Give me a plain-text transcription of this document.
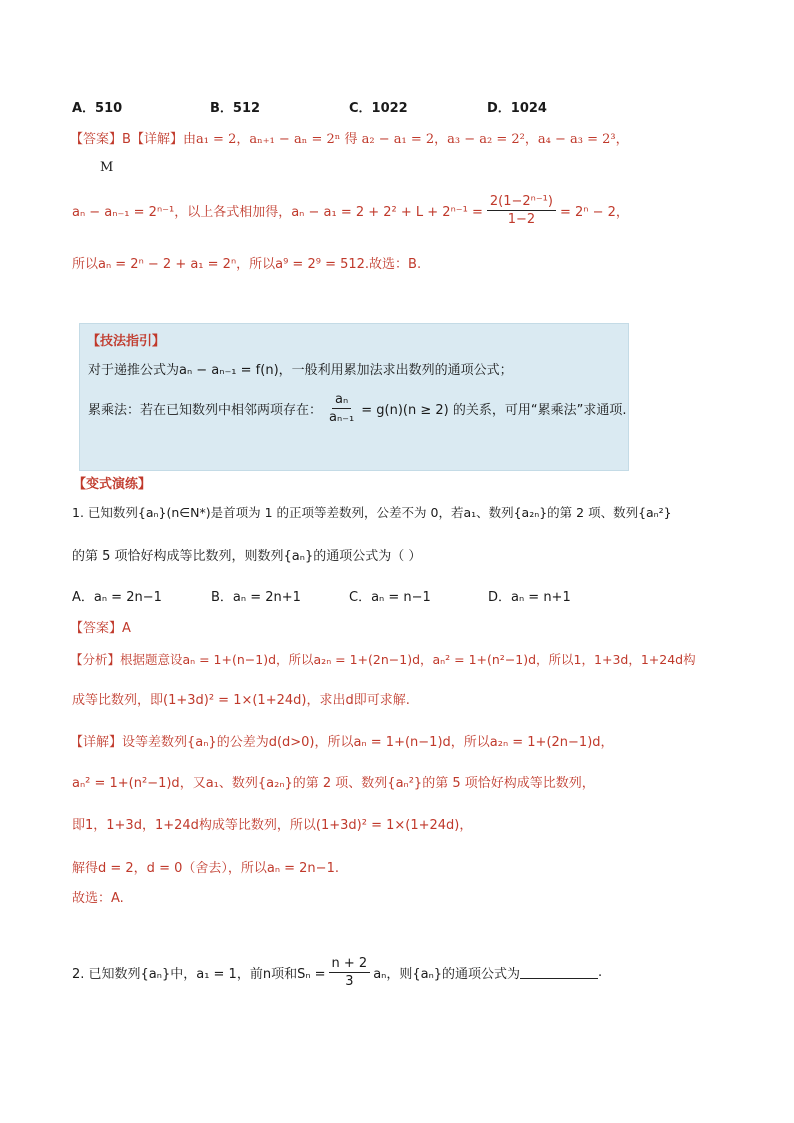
A．510	B．512	C．1022	D．1024
【答案】B【详解】由a₁ = 2，aₙ₊₁ − aₙ = 2ⁿ 得 a₂ − a₁ = 2，a₃ − a₂ = 2²，a₄ − a₃ = 2³，
M
aₙ − aₙ₋₁ = 2ⁿ⁻¹，以上各式相加得，$a_n - a_1 = 2 + 2^2 + L + 2^{n-1} = \frac{\text{2(1−2ⁿ⁻¹)}}{1-2} = 2^n - 2$，
所以aₙ = 2ⁿ − 2 + a₁ = 2ⁿ，所以a⁹ = 2⁹ = 512.故选：B.
【技法指引】
对于递推公式为aₙ − aₙ₋₁ = f(n)，一般利用累加法求出数列的通项公式；
累乘法：若在已知数列中相邻两项存在： $\frac{\text{aₙ}}{\text{aₙ₋₁}} = g(n)(n \ge 2)$ 的关系，可用“累乘法”求通项.
【变式演练】
1. 已知数列{aₙ}(n∈N*)是首项为 1 的正项等差数列，公差不为 0，若a₁、数列{a₂ₙ}的第 2 项、数列{aₙ²}
的第 5 项恰好构成等比数列，则数列{aₙ}的通项公式为（ ）
A．aₙ = 2n−1	B．aₙ = 2n+1	C．aₙ = n−1	D．aₙ = n+1
【答案】A
【分析】根据题意设aₙ = 1+(n−1)d，所以a₂ₙ = 1+(2n−1)d，aₙ² = 1+(n²−1)d，所以1，1+3d，1+24d构
成等比数列，即(1+3d)² = 1×(1+24d)，求出d即可求解.
【详解】设等差数列{aₙ}的公差为d(d>0)，所以aₙ = 1+(n−1)d，所以a₂ₙ = 1+(2n−1)d，
aₙ² = 1+(n²−1)d，又a₁、数列{a₂ₙ}的第 2 项、数列{aₙ²}的第 5 项恰好构成等比数列，
即1，1+3d，1+24d构成等比数列，所以(1+3d)² = 1×(1+24d)，
解得d = 2，d = 0（舍去），所以aₙ = 2n−1.
故选：A.
2. 已知数列{aₙ}中，a₁ = 1，前n项和$S_n = \frac{n + 2}{3}$ aₙ，则{aₙ}的通项公式为	.
